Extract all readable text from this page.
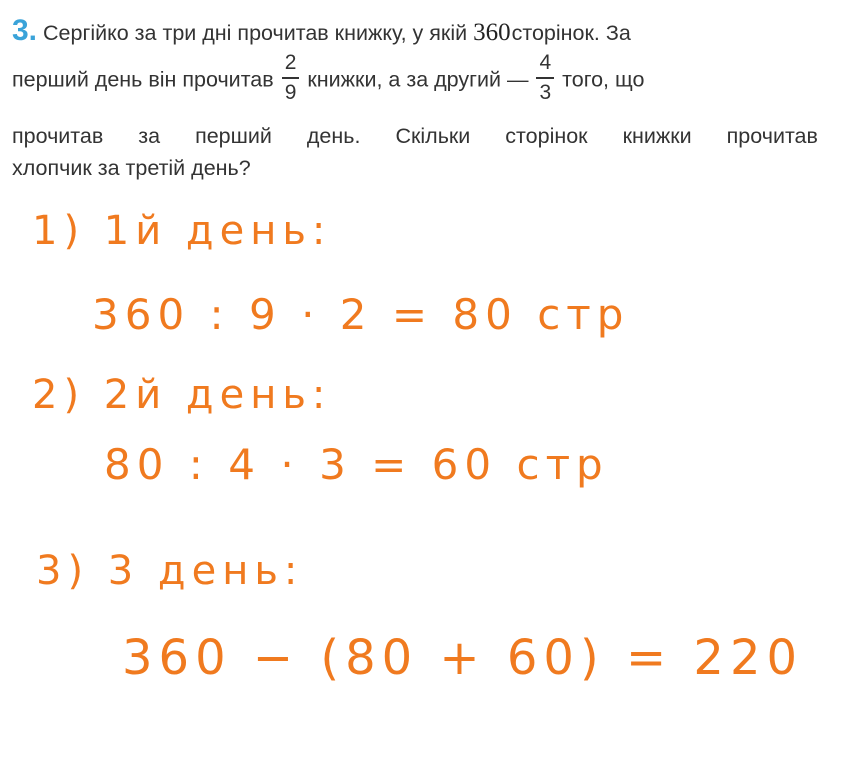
3. Сергійко за три дні прочитав книжку, у якій 360сторінок. За
перший день він прочитав $\frac{2}{9}$ книжки, а за другий — $\frac{4}{3}$ того, що
прочитав за перший день. Скільки сторінок книжки прочитав
хлопчик за третій день?
1) 1й день:
360 : 9 · 2 = 80 стр
2) 2й день:
80 : 4 · 3 = 60 стр
3) 3 день:
360 − (80 + 60) = 220
